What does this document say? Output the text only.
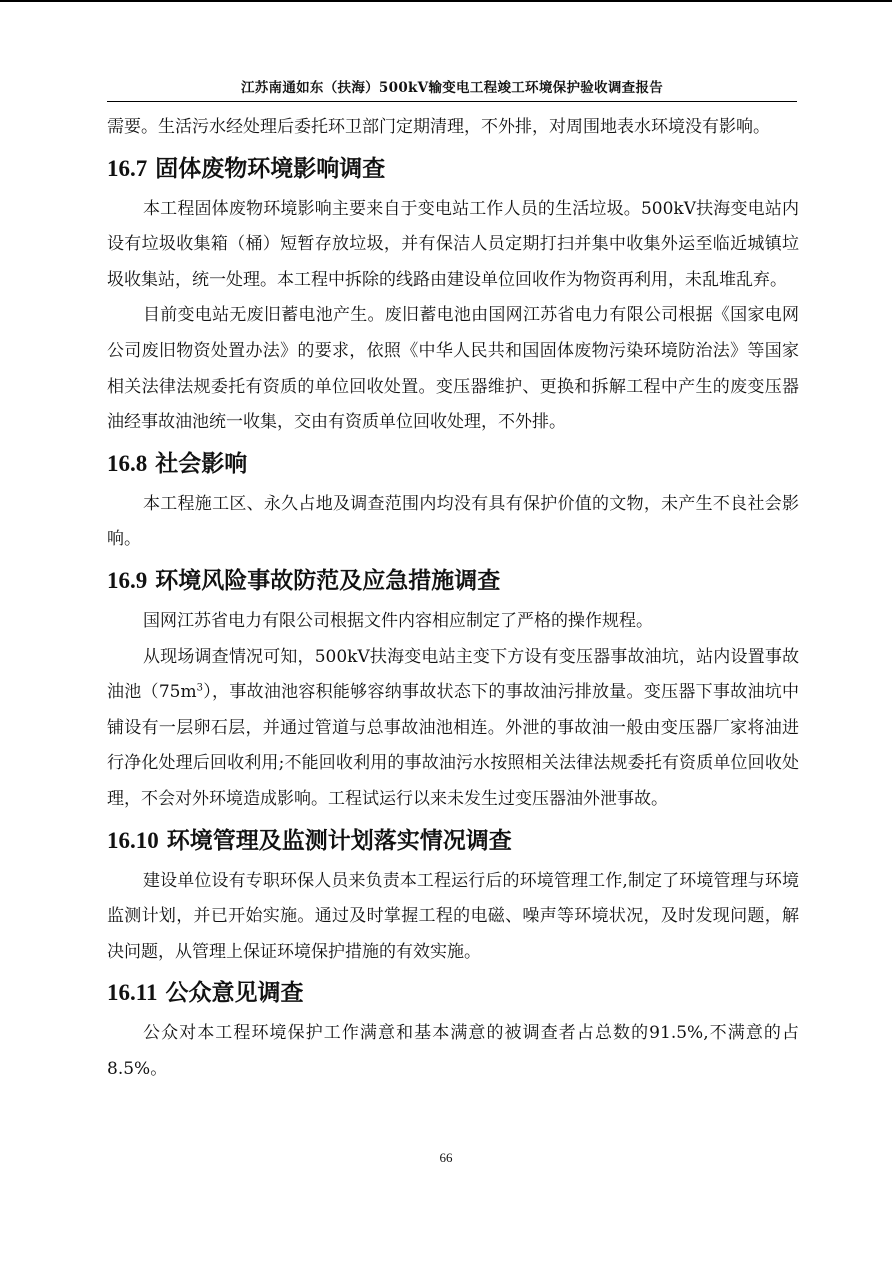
江苏南通如东（扶海）500kV输变电工程竣工环境保护验收调查报告

需要。生活污水经处理后委托环卫部门定期清理，不外排，对周围地表水环境没有影响。

16.7 固体废物环境影响调查

本工程固体废物环境影响主要来自于变电站工作人员的生活垃圾。500kV扶海变电站内设有垃圾收集箱（桶）短暂存放垃圾，并有保洁人员定期打扫并集中收集外运至临近城镇垃圾收集站，统一处理。本工程中拆除的线路由建设单位回收作为物资再利用，未乱堆乱弃。

目前变电站无废旧蓄电池产生。废旧蓄电池由国网江苏省电力有限公司根据《国家电网公司废旧物资处置办法》的要求，依照《中华人民共和国固体废物污染环境防治法》等国家相关法律法规委托有资质的单位回收处置。变压器维护、更换和拆解工程中产生的废变压器油经事故油池统一收集，交由有资质单位回收处理，不外排。

16.8 社会影响

本工程施工区、永久占地及调查范围内均没有具有保护价值的文物，未产生不良社会影响。

16.9 环境风险事故防范及应急措施调查

国网江苏省电力有限公司根据文件内容相应制定了严格的操作规程。

从现场调查情况可知，500kV扶海变电站主变下方设有变压器事故油坑，站内设置事故油池$(75m^3)$，事故油池容积能够容纳事故状态下的事故油污排放量。变压器下事故油坑中铺设有一层卵石层，并通过管道与总事故油池相连。外泄的事故油一般由变压器厂家将油进行净化处理后回收利用;不能回收利用的事故油污水按照相关法律法规委托有资质单位回收处理，不会对外环境造成影响。工程试运行以来未发生过变压器油外泄事故。

16.10 环境管理及监测计划落实情况调查

建设单位设有专职环保人员来负责本工程运行后的环境管理工作,制定了环境管理与环境监测计划，并已开始实施。通过及时掌握工程的电磁、噪声等环境状况，及时发现问题，解决问题，从管理上保证环境保护措施的有效实施。

16.11 公众意见调查

公众对本工程环境保护工作满意和基本满意的被调查者占总数的91.5%,不满意的占8.5%。

66
